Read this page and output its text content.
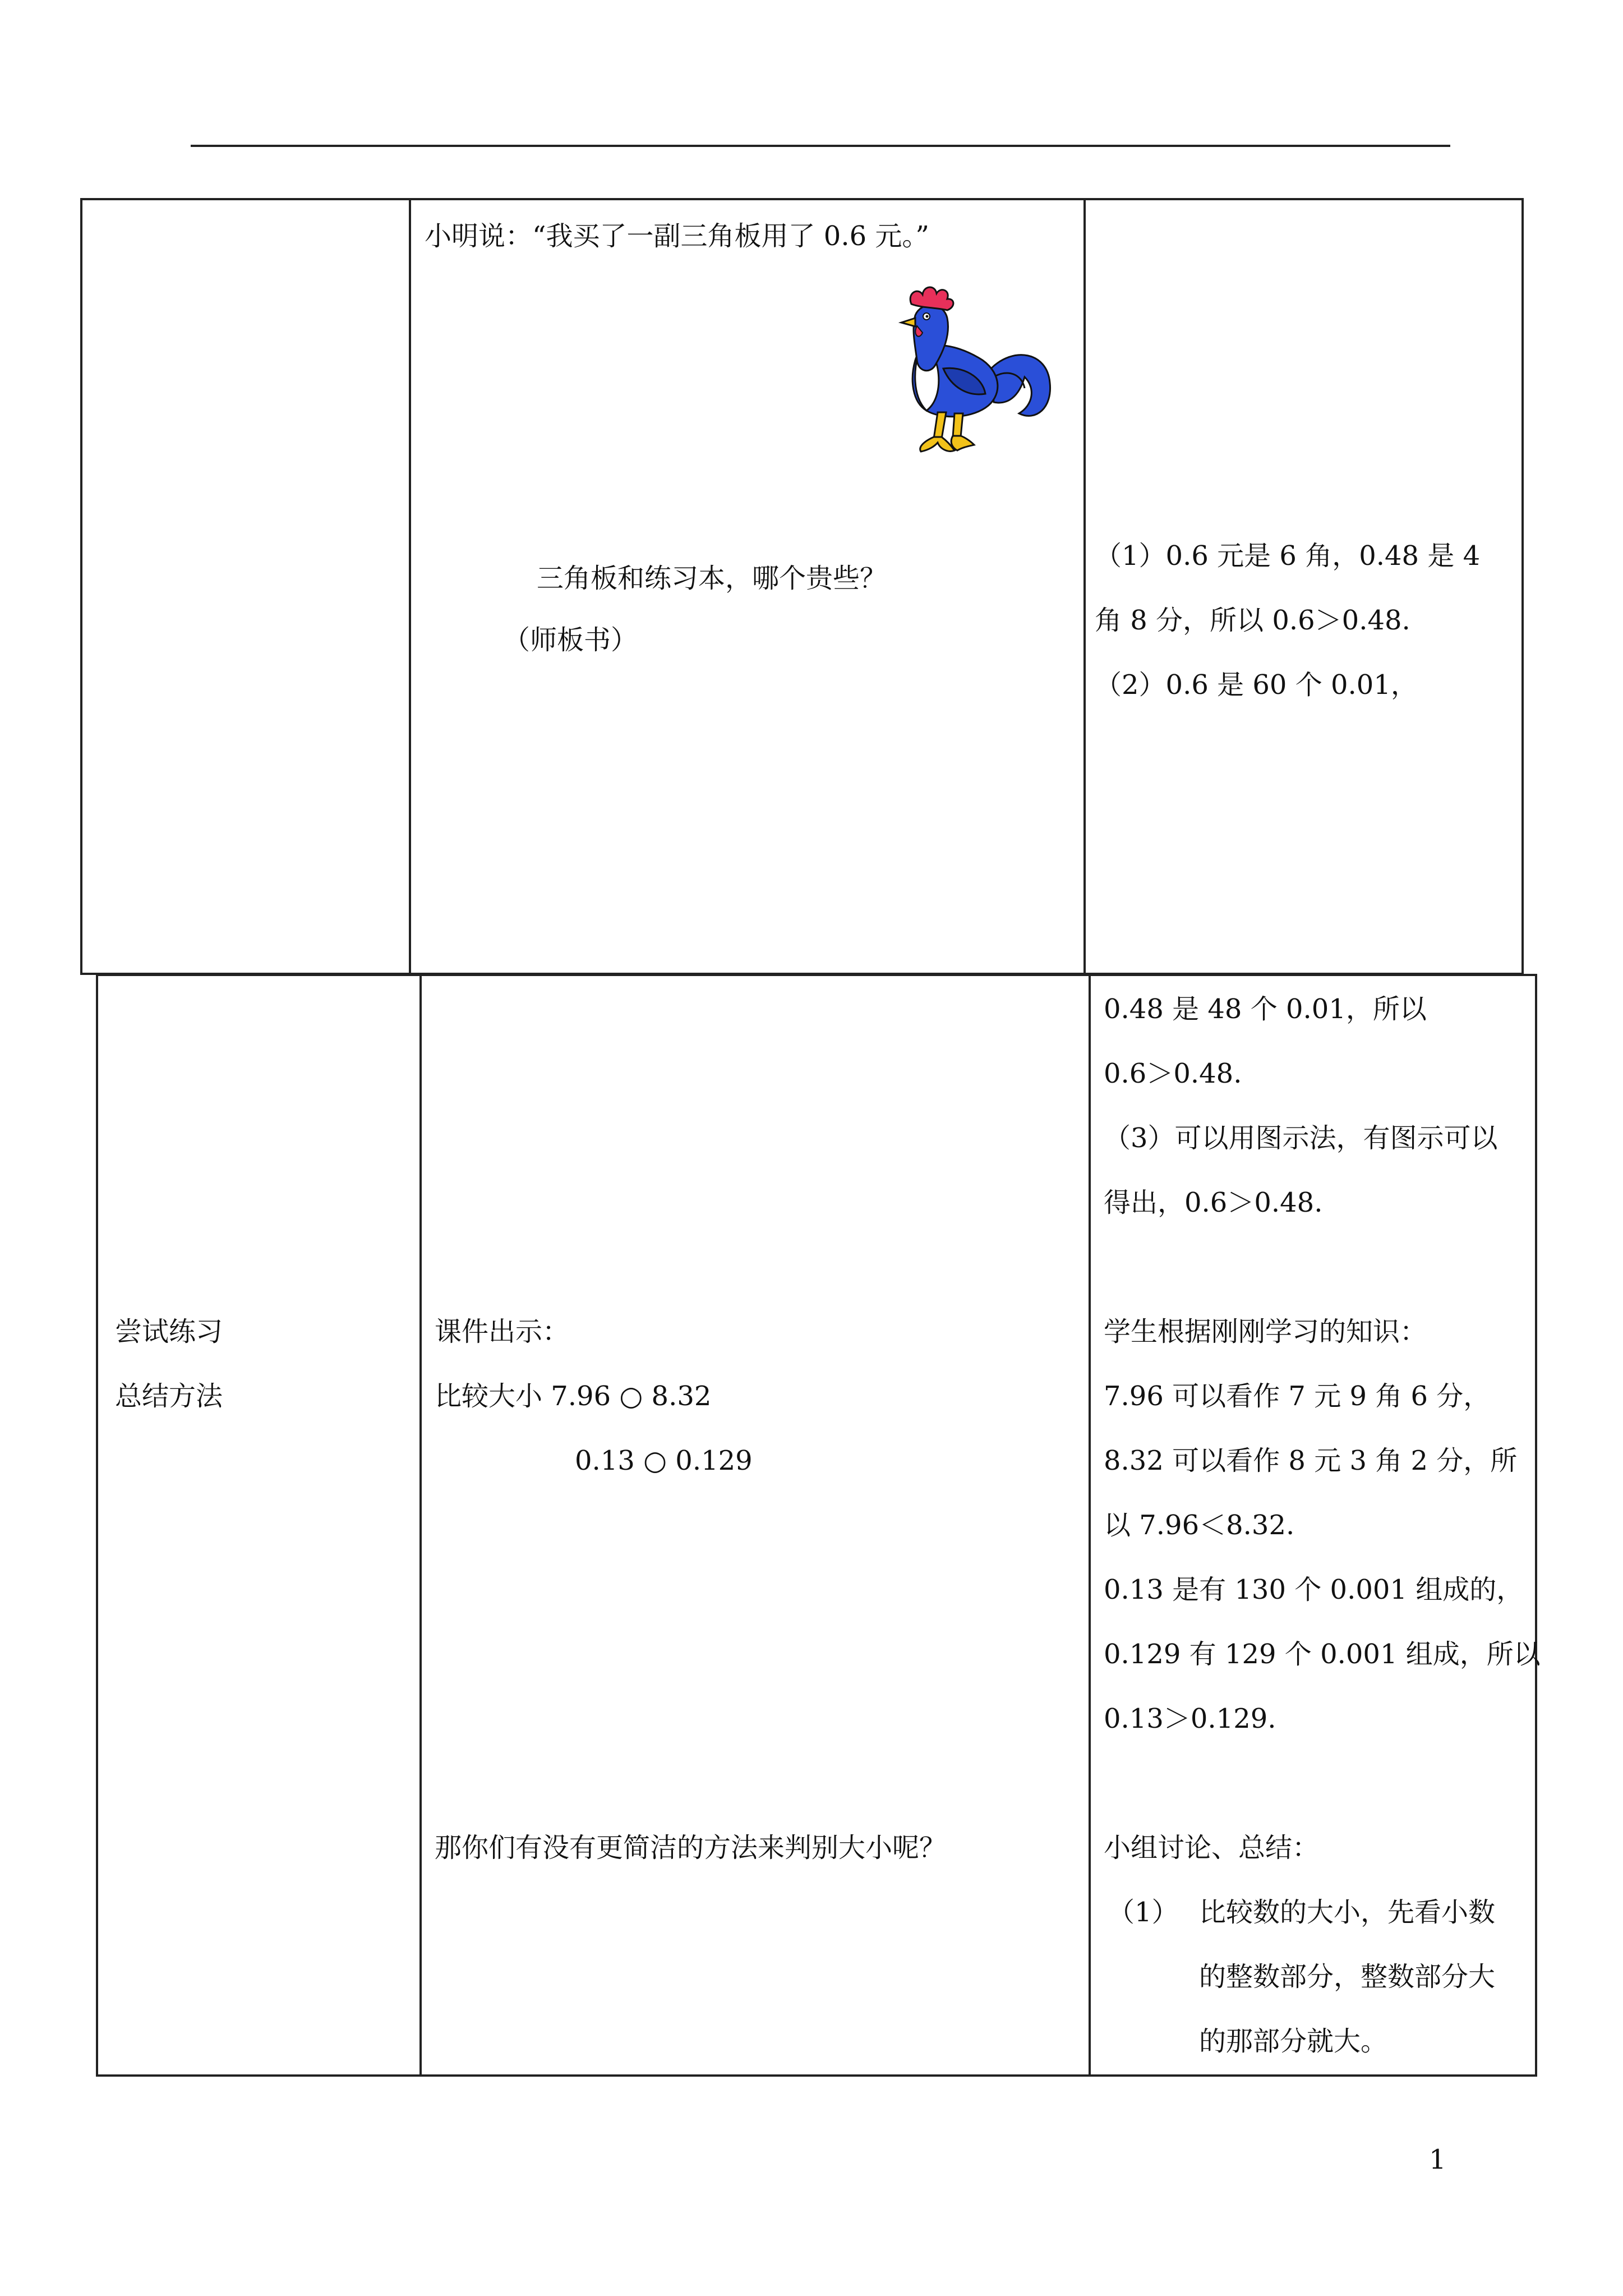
小明说：“我买了一副三角板用了 0.6 元。”
三角板和练习本，哪个贵些？
（师板书）
（1）0.6 元是 6 角，0.48 是 4
角 8 分，所以 0.6＞0.48.
（2）0.6 是 60 个 0.01，
尝试练习
总结方法
课件出示：
比较大小 7.96 ○ 8.32
0.13 ○ 0.129
那你们有没有更简洁的方法来判别大小呢？
0.48 是 48 个 0.01，所以
0.6＞0.48.
（3）可以用图示法，有图示可以
得出，0.6＞0.48.
学生根据刚刚学习的知识：
7.96 可以看作 7 元 9 角 6 分，
8.32 可以看作 8 元 3 角 2 分，所
以 7.96＜8.32.
0.13 是有 130 个 0.001 组成的，
0.129 有 129 个 0.001 组成，所以
0.13＞0.129.
小组讨论、总结：
（1） 比较数的大小，先看小数
的整数部分，整数部分大
的那部分就大。
1
